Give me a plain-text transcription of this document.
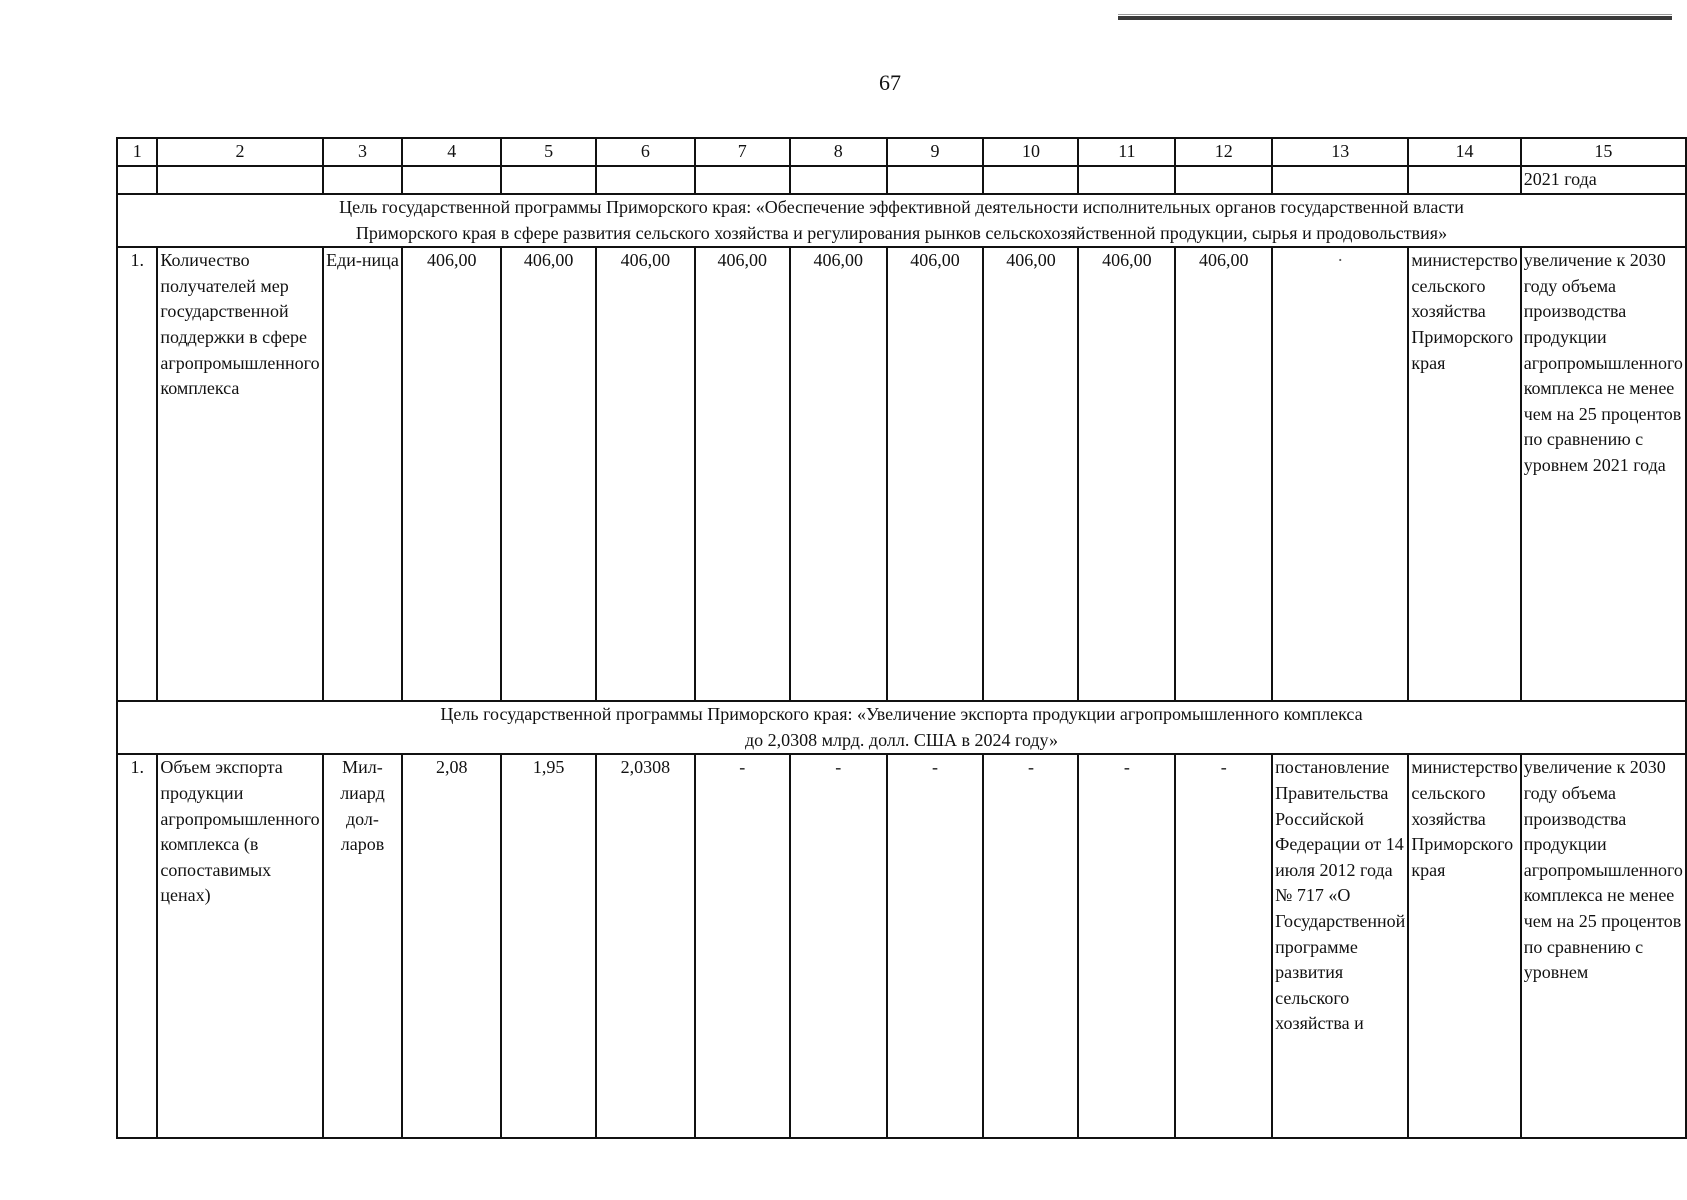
67
1	2	3	4	5	6	7	8	9	10	11	12	13	14	15
														2021 года

Цель государственной программы Приморского края: «Обеспечение эффективной деятельности исполнительных органов государственной власти
Приморского края в сфере развития сельского хозяйства и регулирования рынков сельскохозяйственной продукции, сырья и продовольствия»														

1.	Количество получателей мер государственной поддержки в сфере агропромышленного комплекса	Еди-ница	406,00	406,00	406,00	406,00	406,00	406,00	406,00	406,00	406,00	·	министерство сельского хозяйства Приморского края	увеличение к 2030 году объема производства продукции агропромышленного комплекса не менее чем на 25 процентов по сравнению с уровнем 2021 года

Цель государственной программы Приморского края: «Увеличение экспорта продукции агропромышленного комплекса
до 2,0308 млрд. долл. США в 2024 году»														

1.	Объем экспорта продукции агропромышленного комплекса (в сопоставимых ценах)	Мил-лиард дол-ларов	2,08	1,95	2,0308	-	-	-	-	-	-	постановление Правительства Российской Федерации от 14 июля 2012 года № 717 «О Государственной программе развития сельского хозяйства и	министерство сельского хозяйства Приморского края	увеличение к 2030 году объема производства продукции агропромышленного комплекса не менее чем на 25 процентов по сравнению с уровнем
